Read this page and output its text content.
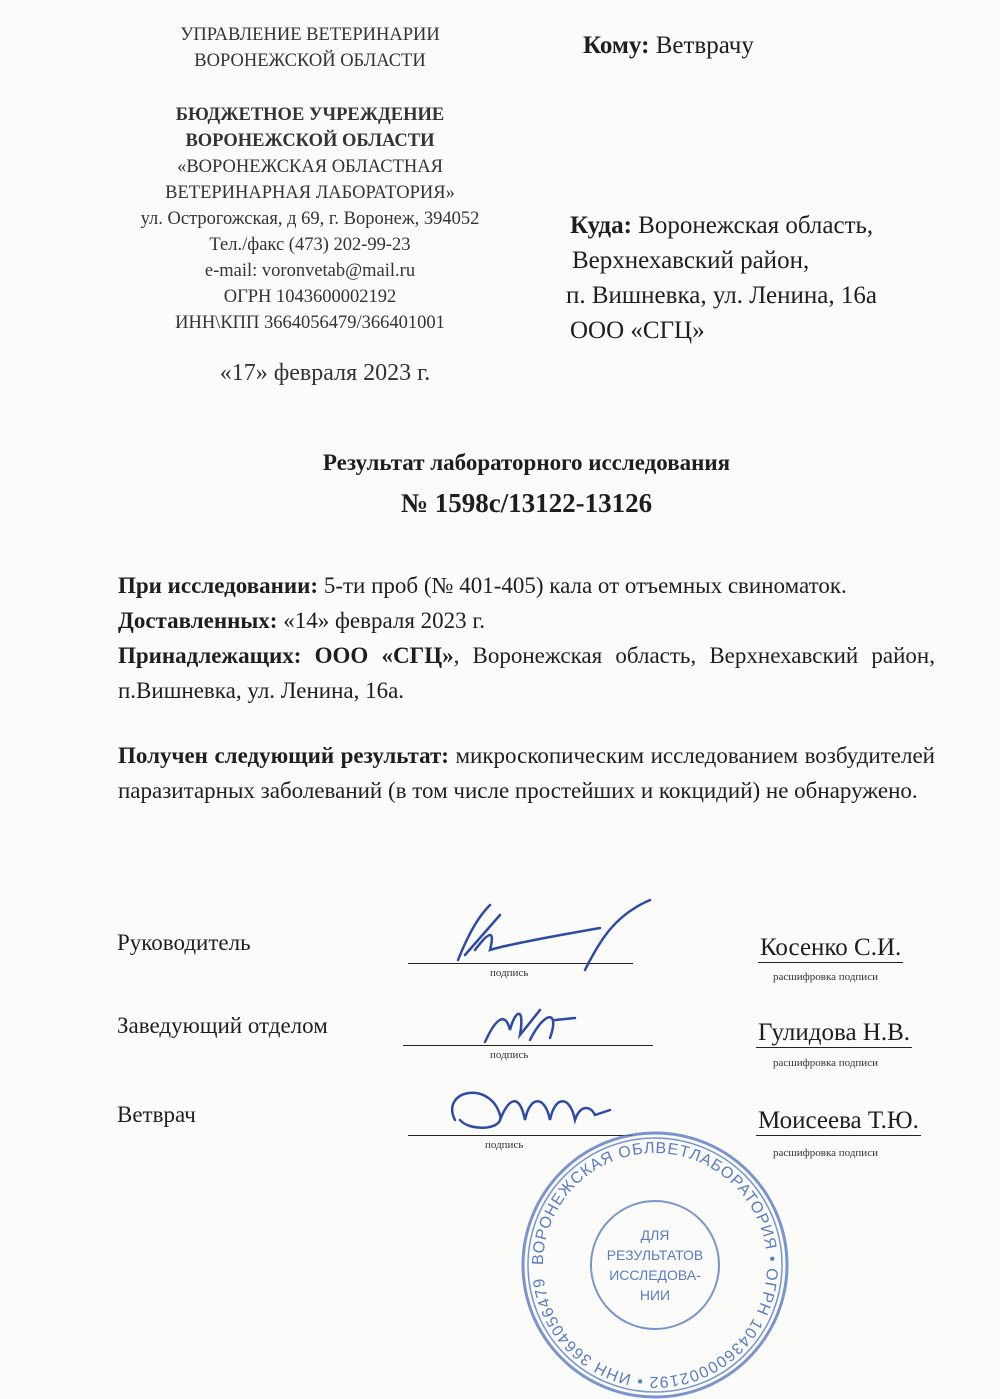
УПРАВЛЕНИЕ ВЕТЕРИНАРИИ
ВОРОНЕЖСКОЙ ОБЛАСТИ
БЮДЖЕТНОЕ УЧРЕЖДЕНИЕ
ВОРОНЕЖСКОЙ ОБЛАСТИ
«ВОРОНЕЖСКАЯ ОБЛАСТНАЯ
ВЕТЕРИНАРНАЯ ЛАБОРАТОРИЯ»
ул. Острогожская, д 69, г. Воронеж, 394052
Тел./факс (473) 202-99-23
e-mail: voronvetab@mail.ru
ОГРН 1043600002192
ИНН\КПП 3664056479/366401001
«17» февраля 2023 г.
Кому: Ветврачу
Куда: Воронежская область,
Верхнехавский район,
п. Вишневка, ул. Ленина, 16а
ООО «СГЦ»
Результат лабораторного исследования
№ 1598с/13122-13126

При исследовании: 5-ти проб (№ 401-405) кала от отъемных свиноматок.

Доставленных: «14» февраля 2023 г.

Принадлежащих: ООО «СГЦ», Воронежская область, Верхнехавский район, п.Вишневка, ул. Ленина, 16а.

Получен следующий результат: микроскопическим исследованием возбудителей паразитарных заболеваний (в том числе простейших и кокцидий) не обнаружено.

Руководитель
подпись
Косенко С.И.
расшифровка подписи
Заведующий отделом
подпись
Гулидова Н.В.
расшифровка подписи
Ветврач
подпись
Моисеева Т.Ю.
расшифровка подписи
ВОРОНЕЖСКАЯ ОБЛВЕТЛАБОРАТОРИЯ • ОГРН 1043600002192 • ИНН 3664056479
ДЛЯ
РЕЗУЛЬТАТОВ
ИССЛЕДОВА-
НИИ
